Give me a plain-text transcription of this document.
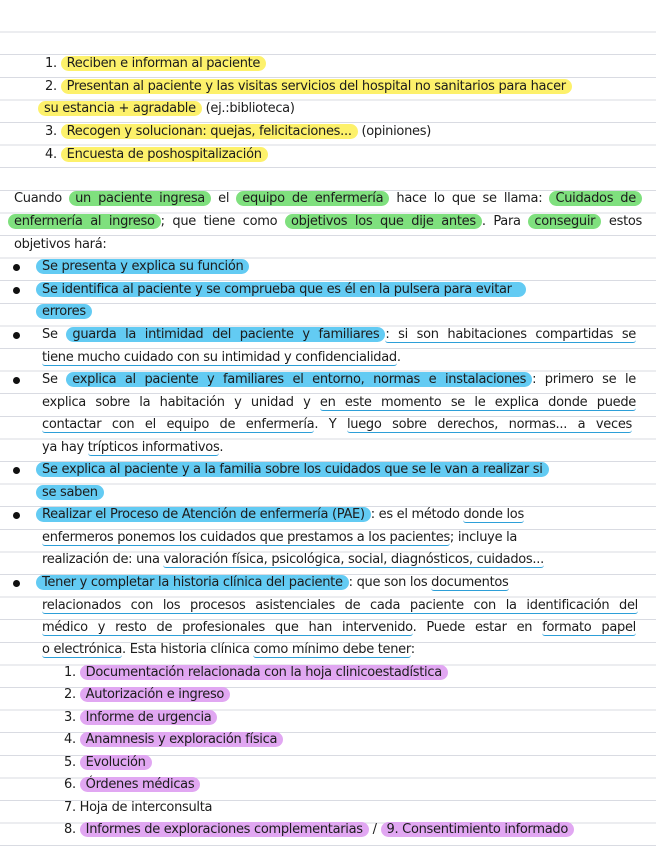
1. Reciben e informan al paciente
2. Presentan al paciente y las visitas servicios del hospital no sanitarios para hacer
su estancia + agradable (ej.:biblioteca)
3. Recogen y solucionan: quejas, felicitaciones... (opiniones)
4. Encuesta de poshospitalización
Cuando un paciente ingresa el equipo de enfermería hace lo que se llama: Cuidados de
enfermería al ingreso ; que tiene como objetivos los que dije antes . Para conseguir estos
objetivos hará:
Se presenta y explica su función
Se identifica al paciente y se comprueba que es él en la pulsera para evitar
errores
Se guarda la intimidad del paciente y familiares : si son habitaciones compartidas se
tiene mucho cuidado con su intimidad y confidencialidad.
Se explica al paciente y familiares el entorno, normas e instalaciones : primero se le
explica sobre la habitación y unidad y en este momento se le explica donde puede
contactar con el equipo de enfermería. Y luego sobre derechos, normas... a veces
ya hay trípticos informativos.
Se explica al paciente y a la familia sobre los cuidados que se le van a realizar si
se saben
Realizar el Proceso de Atención de enfermería (PAE) : es el método donde los
enfermeros ponemos los cuidados que prestamos a los pacientes; incluye la
realización de: una valoración física, psicológica, social, diagnósticos, cuidados...
Tener y completar la historia clínica del paciente : que son los documentos
relacionados con los procesos asistenciales de cada paciente con la identificación del
médico y resto de profesionales que han intervenido. Puede estar en formato papel
o electrónica. Esta historia clínica como mínimo debe tener:
1. Documentación relacionada con la hoja clinicoestadística
2. Autorización e ingreso
3. Informe de urgencia
4. Anamnesis y exploración física
5. Evolución
6. Órdenes médicas
7. Hoja de interconsulta
8. Informes de exploraciones complementarias / 9. Consentimiento informado
